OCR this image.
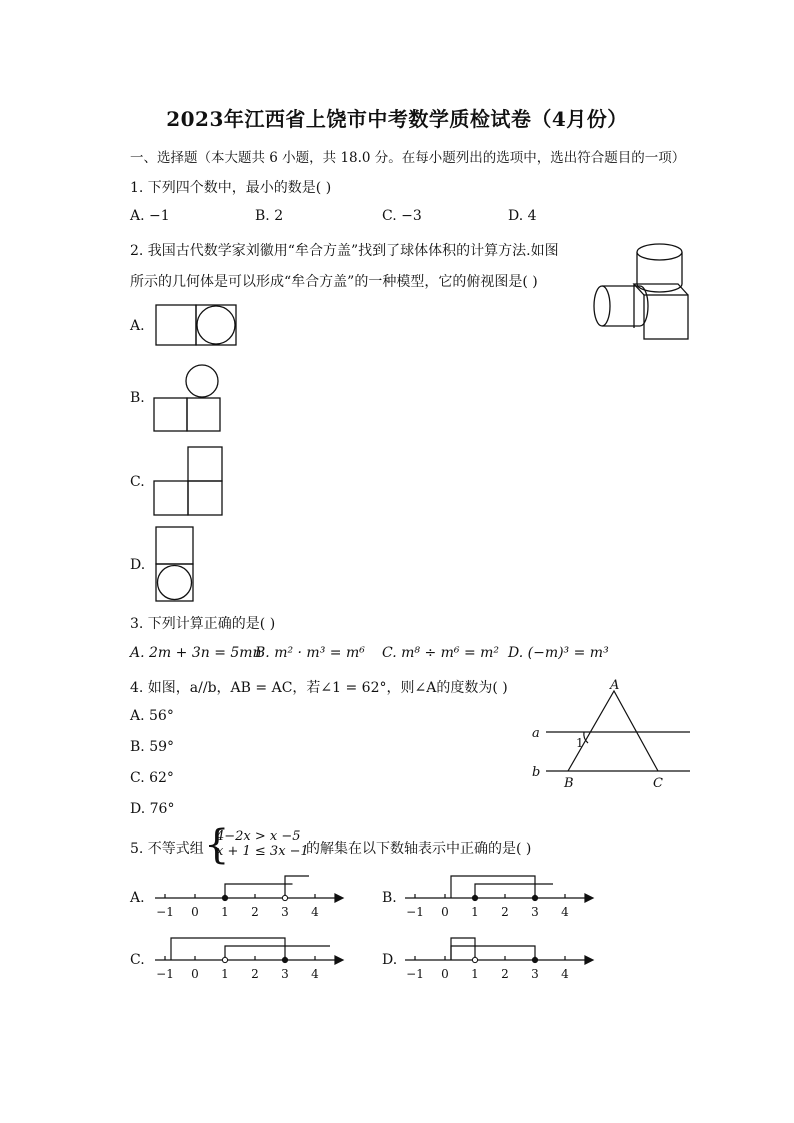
2023年江西省上饶市中考数学质检试卷（4月份）
一、选择题（本大题共 6 小题，共 18.0 分。在每小题列出的选项中，选出符合题目的一项）
1. 下列四个数中，最小的数是( )
A. −1	B. 2	C. −3	D. 4
2. 我国古代数学家刘徽用“牟合方盖”找到了球体体积的计算方法.如图
所示的几何体是可以形成“牟合方盖”的一种模型，它的俯视图是( )
A.
B.
C.
D.
3. 下列计算正确的是( )
A. 2m + 3n = 5mn
B. m² · m³ = m⁶ C. m⁸ ÷ m⁶ = m² D. (−m)³ = m³
4. 如图，a//b，AB = AC，若∠1 = 62°，则∠A的度数为( )
A. 56°
B. 59°
C. 62°
D. 76°
A
a
b
B	C
1
5. 不等式组 {
4−2x > x −5
x + 1 ≤ 3x −1
的解集在以下数轴表示中正确的是( )
A.	B.
C.	D.
−1 0 1 2 3 4	−1 0 1 2 3 4
−1 0 1 2 3 4	−1 0 1 2 3 4
